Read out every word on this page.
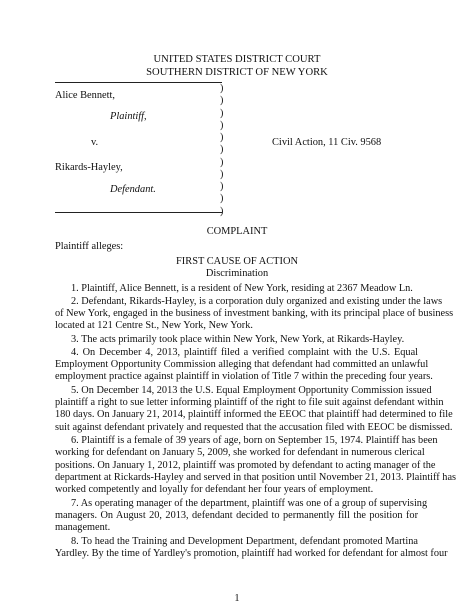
UNITED STATES DISTRICT COURT
SOUTHERN DISTRICT OF NEW YORK
Alice Bennett,
Plaintiff,
v.	Civil Action, 11 Civ. 9568
Rikards-Hayley,
Defendant.
)
)
)
)
)
)
)
)
)
)
)
COMPLAINT
Plaintiff alleges:
FIRST CAUSE OF ACTION
Discrimination
1. Plaintiff, Alice Bennett, is a resident of New York, residing at 2367 Meadow Ln.
2. Defendant, Rikards-Hayley, is a corporation duly organized and existing under the laws
of New York, engaged in the business of investment banking, with its principal place of business
located at 121 Centre St., New York, New York.
3. The acts primarily took place within New York, New York, at Rikards-Hayley.
4. On December 4, 2013, plaintiff filed a verified complaint with the U.S. Equal
Employment Opportunity Commission alleging that defendant had committed an unlawful
employment practice against plaintiff in violation of Title 7 within the preceding four years.
5. On December 14, 2013 the U.S. Equal Employment Opportunity Commission issued
plaintiff a right to sue letter informing plaintiff of the right to file suit against defendant within
180 days. On January 21, 2014, plaintiff informed the EEOC that plaintiff had determined to file
suit against defendant privately and requested that the accusation filed with EEOC be dismissed.
6. Plaintiff is a female of 39 years of age, born on September 15, 1974. Plaintiff has been
working for defendant on January 5, 2009, she worked for defendant in numerous clerical
positions. On January 1, 2012, plaintiff was promoted by defendant to acting manager of the
department at Rickards-Hayley and served in that position until November 21, 2013. Plaintiff has
worked competently and loyally for defendant her four years of employment.
7. As operating manager of the department, plaintiff was one of a group of supervising
managers. On August 20, 2013, defendant decided to permanently fill the position for
management.
8. To head the Training and Development Department, defendant promoted Martina
Yardley. By the time of Yardley's promotion, plaintiff had worked for defendant for almost four
1
